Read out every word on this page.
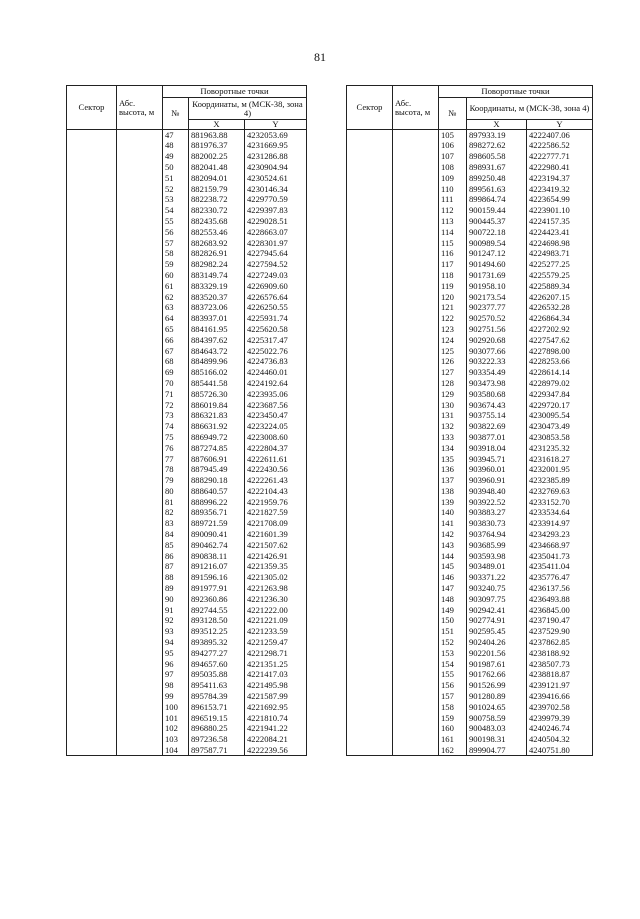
81
Сектор	Абс. высота, м	Поворотные точки		
		№	Координаты, м (МСК-38, зона 4)	
			X	Y
		47	881963.88	4232053.69
		48	881976.37	4231669.95
		49	882002.25	4231286.88
		50	882041.48	4230904.94
		51	882094.01	4230524.61
		52	882159.79	4230146.34
		53	882238.72	4229770.59
		54	882330.72	4229397.83
		55	882435.68	4229028.51
		56	882553.46	4228663.07
		57	882683.92	4228301.97
		58	882826.91	4227945.64
		59	882982.24	4227594.52
		60	883149.74	4227249.03
		61	883329.19	4226909.60
		62	883520.37	4226576.64
		63	883723.06	4226250.55
		64	883937.01	4225931.74
		65	884161.95	4225620.58
		66	884397.62	4225317.47
		67	884643.72	4225022.76
		68	884899.96	4224736.83
		69	885166.02	4224460.01
		70	885441.58	4224192.64
		71	885726.30	4223935.06
		72	886019.84	4223687.56
		73	886321.83	4223450.47
		74	886631.92	4223224.05
		75	886949.72	4223008.60
		76	887274.85	4222804.37
		77	887606.91	4222611.61
		78	887945.49	4222430.56
		79	888290.18	4222261.43
		80	888640.57	4222104.43
		81	888996.22	4221959.76
		82	889356.71	4221827.59
		83	889721.59	4221708.09
		84	890090.41	4221601.39
		85	890462.74	4221507.62
		86	890838.11	4221426.91
		87	891216.07	4221359.35
		88	891596.16	4221305.02
		89	891977.91	4221263.98
		90	892360.86	4221236.30
		91	892744.55	4221222.00
		92	893128.50	4221221.09
		93	893512.25	4221233.59
		94	893895.32	4221259.47
		95	894277.27	4221298.71
		96	894657.60	4221351.25
		97	895035.88	4221417.03
		98	895411.63	4221495.98
		99	895784.39	4221587.99
		100	896153.71	4221692.95
		101	896519.15	4221810.74
		102	896880.25	4221941.22
		103	897236.58	4222084.21
		104	897587.71	4222239.56
Сектор	Абс. высота, м	Поворотные точки		
		№	Координаты, м (МСК-38, зона 4)	
			X	Y
		105	897933.19	4222407.06
		106	898272.62	4222586.52
		107	898605.58	4222777.71
		108	898931.67	4222980.41
		109	899250.48	4223194.37
		110	899561.63	4223419.32
		111	899864.74	4223654.99
		112	900159.44	4223901.10
		113	900445.37	4224157.35
		114	900722.18	4224423.41
		115	900989.54	4224698.98
		116	901247.12	4224983.71
		117	901494.60	4225277.25
		118	901731.69	4225579.25
		119	901958.10	4225889.34
		120	902173.54	4226207.15
		121	902377.77	4226532.28
		122	902570.52	4226864.34
		123	902751.56	4227202.92
		124	902920.68	4227547.62
		125	903077.66	4227898.00
		126	903222.33	4228253.66
		127	903354.49	4228614.14
		128	903473.98	4228979.02
		129	903580.68	4229347.84
		130	903674.43	4229720.17
		131	903755.14	4230095.54
		132	903822.69	4230473.49
		133	903877.01	4230853.58
		134	903918.04	4231235.32
		135	903945.71	4231618.27
		136	903960.01	4232001.95
		137	903960.91	4232385.89
		138	903948.40	4232769.63
		139	903922.52	4233152.70
		140	903883.27	4233534.64
		141	903830.73	4233914.97
		142	903764.94	4234293.23
		143	903685.99	4234668.97
		144	903593.98	4235041.73
		145	903489.01	4235411.04
		146	903371.22	4235776.47
		147	903240.75	4236137.56
		148	903097.75	4236493.88
		149	902942.41	4236845.00
		150	902774.91	4237190.47
		151	902595.45	4237529.90
		152	902404.26	4237862.85
		153	902201.56	4238188.92
		154	901987.61	4238507.73
		155	901762.66	4238818.87
		156	901526.99	4239121.97
		157	901280.89	4239416.66
		158	901024.65	4239702.58
		159	900758.59	4239979.39
		160	900483.03	4240246.74
		161	900198.31	4240504.32
		162	899904.77	4240751.80
